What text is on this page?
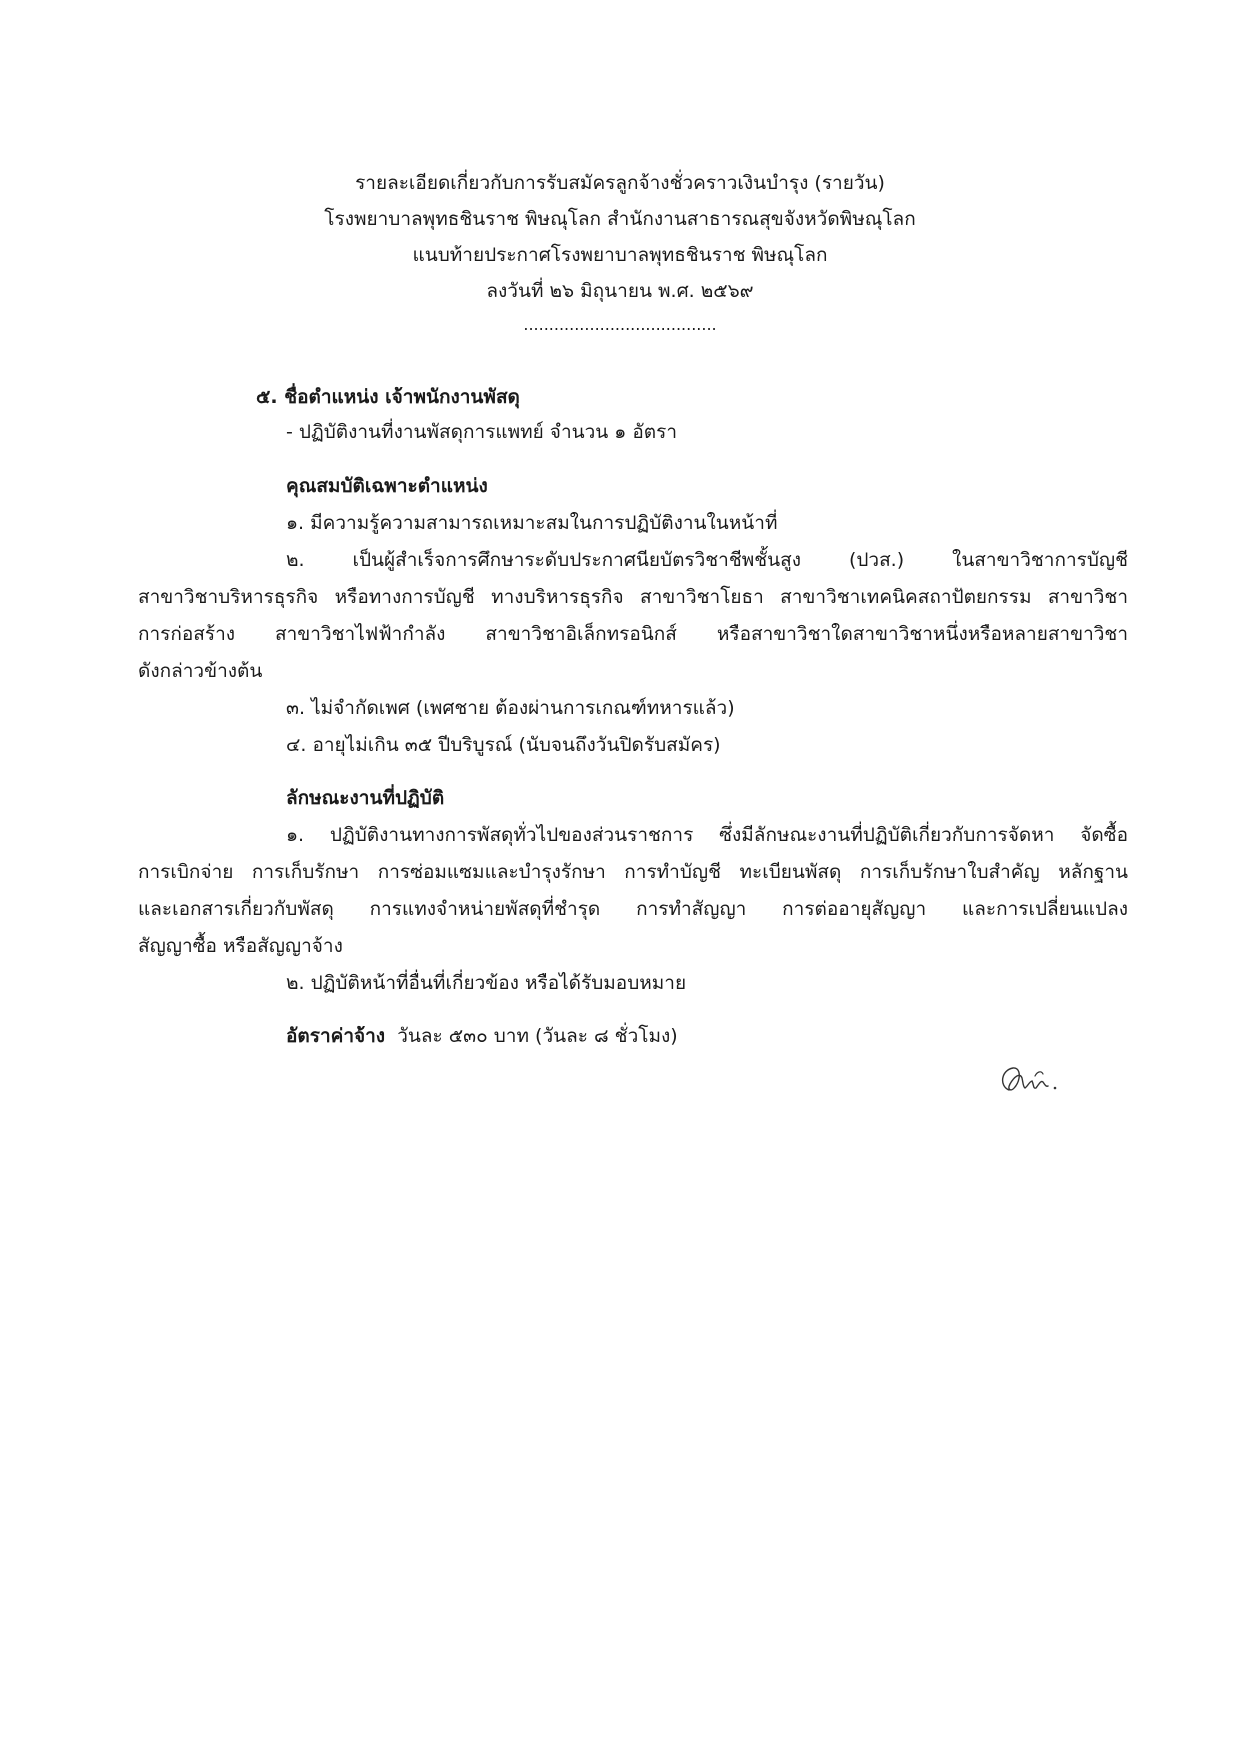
รายละเอียดเกี่ยวกับการรับสมัครลูกจ้างชั่วคราวเงินบำรุง (รายวัน)
โรงพยาบาลพุทธชินราช พิษณุโลก สำนักงานสาธารณสุขจังหวัดพิษณุโลก
แนบท้ายประกาศโรงพยาบาลพุทธชินราช พิษณุโลก
ลงวันที่ ๒๖ มิถุนายน พ.ศ. ๒๕๖๙
......................................
๕. ชื่อตำแหน่ง เจ้าพนักงานพัสดุ
- ปฏิบัติงานที่งานพัสดุการแพทย์ จำนวน ๑ อัตรา
คุณสมบัติเฉพาะตำแหน่ง
๑. มีความรู้ความสามารถเหมาะสมในการปฏิบัติงานในหน้าที่
๒. เป็นผู้สำเร็จการศึกษาระดับประกาศนียบัตรวิชาชีพชั้นสูง (ปวส.) ในสาขาวิชาการบัญชี
สาขาวิชาบริหารธุรกิจ หรือทางการบัญชี ทางบริหารธุรกิจ สาขาวิชาโยธา สาขาวิชาเทคนิคสถาปัตยกรรม สาขาวิชา
การก่อสร้าง สาขาวิชาไฟฟ้ากำลัง สาขาวิชาอิเล็กทรอนิกส์ หรือสาขาวิชาใดสาขาวิชาหนึ่งหรือหลายสาขาวิชา
ดังกล่าวข้างต้น
๓. ไม่จำกัดเพศ (เพศชาย ต้องผ่านการเกณฑ์ทหารแล้ว)
๔. อายุไม่เกิน ๓๕ ปีบริบูรณ์ (นับจนถึงวันปิดรับสมัคร)
ลักษณะงานที่ปฏิบัติ
๑. ปฏิบัติงานทางการพัสดุทั่วไปของส่วนราชการ ซึ่งมีลักษณะงานที่ปฏิบัติเกี่ยวกับการจัดหา จัดซื้อ
การเบิกจ่าย การเก็บรักษา การซ่อมแซมและบำรุงรักษา การทำบัญชี ทะเบียนพัสดุ การเก็บรักษาใบสำคัญ หลักฐาน
และเอกสารเกี่ยวกับพัสดุ การแทงจำหน่ายพัสดุที่ชำรุด การทำสัญญา การต่ออายุสัญญา และการเปลี่ยนแปลง
สัญญาซื้อ หรือสัญญาจ้าง
๒. ปฏิบัติหน้าที่อื่นที่เกี่ยวข้อง หรือได้รับมอบหมาย
อัตราค่าจ้าง วันละ ๕๓๐ บาท (วันละ ๘ ชั่วโมง)
